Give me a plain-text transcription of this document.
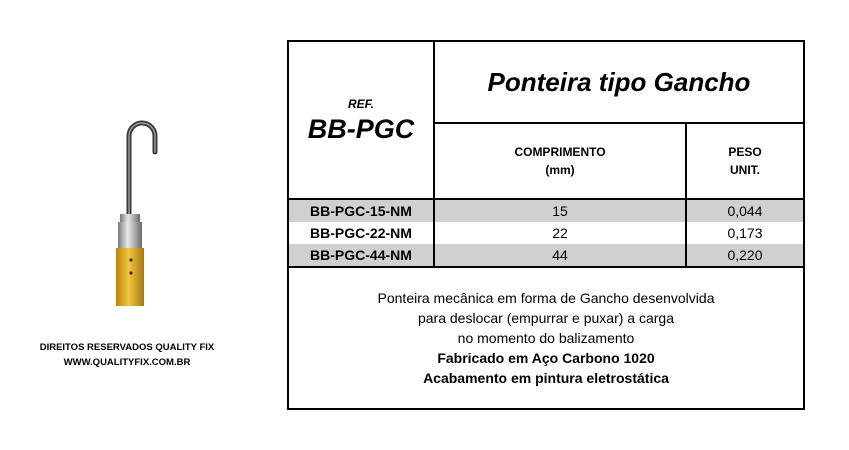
DIREITOS RESERVADOS QUALITY FIX
WWW.QUALITYFIX.COM.BR
REF.
BB-PGC
Ponteira tipo Gancho
COMPRIMENTO
(mm)
PESO
UNIT.
BB-PGC-15-NM	15	0,044
BB-PGC-22-NM	22	0,173
BB-PGC-44-NM	44	0,220
Ponteira mecânica em forma de Gancho desenvolvida
para deslocar (empurrar e puxar) a carga
no momento do balizamento
Fabricado em Aço Carbono 1020
Acabamento em pintura eletrostática
